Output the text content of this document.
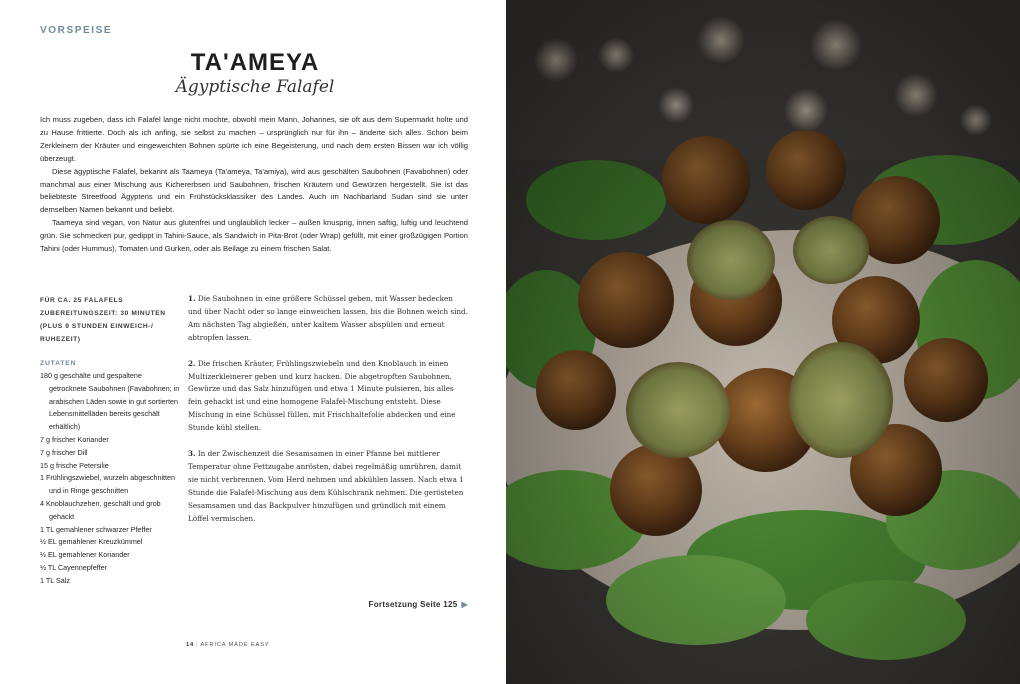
VORSPEISE
TA'AMEYA
Ägyptische Falafel

Ich muss zugeben, dass ich Falafel lange nicht mochte, obwohl mein Mann, Johannes, sie oft aus dem Supermarkt holte und zu Hause frittierte. Doch als ich anfing, sie selbst zu machen – ursprünglich nur für ihn – änderte sich alles. Schon beim Zerkleinern der Kräuter und eingeweichten Bohnen spürte ich eine Begeisterung, und nach dem ersten Bissen war ich völlig überzeugt.

Diese ägyptische Falafel, bekannt als Taameya (Ta'ameya, Ta'amiya), wird aus geschälten Saubohnen (Favabohnen) oder manchmal aus einer Mischung aus Kichererbsen und Saubohnen, frischen Kräutern und Gewürzen hergestellt. Sie ist das beliebteste Streetfood Ägyptens und ein Frühstücksklassiker des Landes. Auch im Nachbarland Sudan sind sie unter demselben Namen bekannt und beliebt.

Taameya sind vegan, von Natur aus glutenfrei und unglaublich lecker – außen knusprig, innen saftig, luftig und leuchtend grün. Sie schmecken pur, gedippt in Tahini-Sauce, als Sandwich in Pita-Brot (oder Wrap) gefüllt, mit einer großzügigen Portion Tahini (oder Hummus), Tomaten und Gurken, oder als Beilage zu einem frischen Salat.

FÜR CA. 25 FALAFELS
ZUBEREITUNGSZEIT: 30 MINUTEN
(PLUS 9 STUNDEN EINWEICH-/
RUHEZEIT)
ZUTATEN
180 g geschälte und gespaltene getrocknete Saubohnen (Favabohnen; in arabischen Läden sowie in gut sortierten Lebensmittelläden bereits geschält erhältlich)
7 g frischer Koriander
7 g frischer Dill
15 g frische Petersilie
1 Frühlingszwiebel, wurzeln abgeschnitten und in Ringe geschnitten
4 Knoblauchzehen, geschält und grob gehackt
1 TL gemahlener schwarzer Pfeffer
½ EL gemahlener Kreuzkümmel
½ EL gemahlener Koriander
½ TL Cayennepfeffer
1 TL Salz

1. Die Saubohnen in eine größere Schüssel geben, mit Wasser bedecken und über Nacht oder so lange einweichen lassen, bis die Bohnen weich sind. Am nächsten Tag abgießen, unter kaltem Wasser abspülen und erneut abtropfen lassen.

2. Die frischen Kräuter, Frühlingszwiebeln und den Knoblauch in einen Multizerkleinerer geben und kurz hacken. Die abgetropften Saubohnen, Gewürze und das Salz hinzufügen und etwa 1 Minute pulsieren, bis alles fein gehackt ist und eine homogene Falafel-Mischung entsteht. Diese Mischung in eine Schüssel füllen, mit Frischhaltefolie abdecken und eine Stunde kühl stellen.

3. In der Zwischenzeit die Sesamsamen in einer Pfanne bei mittlerer Temperatur ohne Fettzugabe anrösten, dabei regelmäßig umrühren, damit sie nicht verbrennen. Vom Herd nehmen und abkühlen lassen. Nach etwa 1 Stunde die Falafel-Mischung aus dem Kühlschrank nehmen. Die gerösteten Sesamsamen und das Backpulver hinzufügen und gründlich mit einem Löffel vermischen.

Fortsetzung Seite 125 ▶
14 | AFRICA MADE EASY
